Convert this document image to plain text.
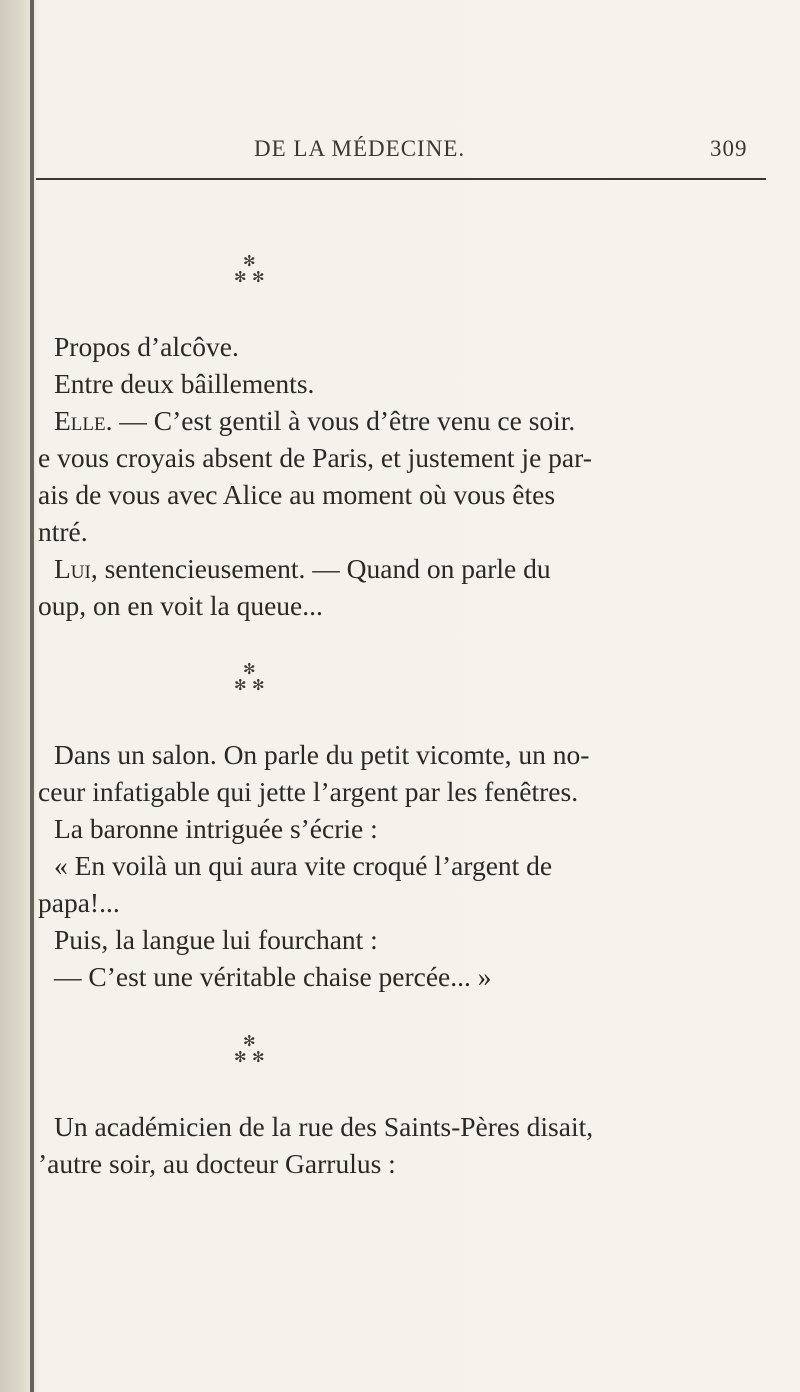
DE LA MÉDECINE.	309
✻
✻ ✻
Propos d’alcôve.
Entre deux bâillements.
Elle. — C’est gentil à vous d’être venu ce soir.
e vous croyais absent de Paris, et justement je par-
ais de vous avec Alice au moment où vous êtes
ntré.
Lui, sentencieusement. — Quand on parle du
oup, on en voit la queue...
✻
✻ ✻
Dans un salon. On parle du petit vicomte, un no-
ceur infatigable qui jette l’argent par les fenêtres.
La baronne intriguée s’écrie :
« En voilà un qui aura vite croqué l’argent de
papa!...
Puis, la langue lui fourchant :
— C’est une véritable chaise percée... »
✻
✻ ✻
Un académicien de la rue des Saints-Pères disait,
’autre soir, au docteur Garrulus :
